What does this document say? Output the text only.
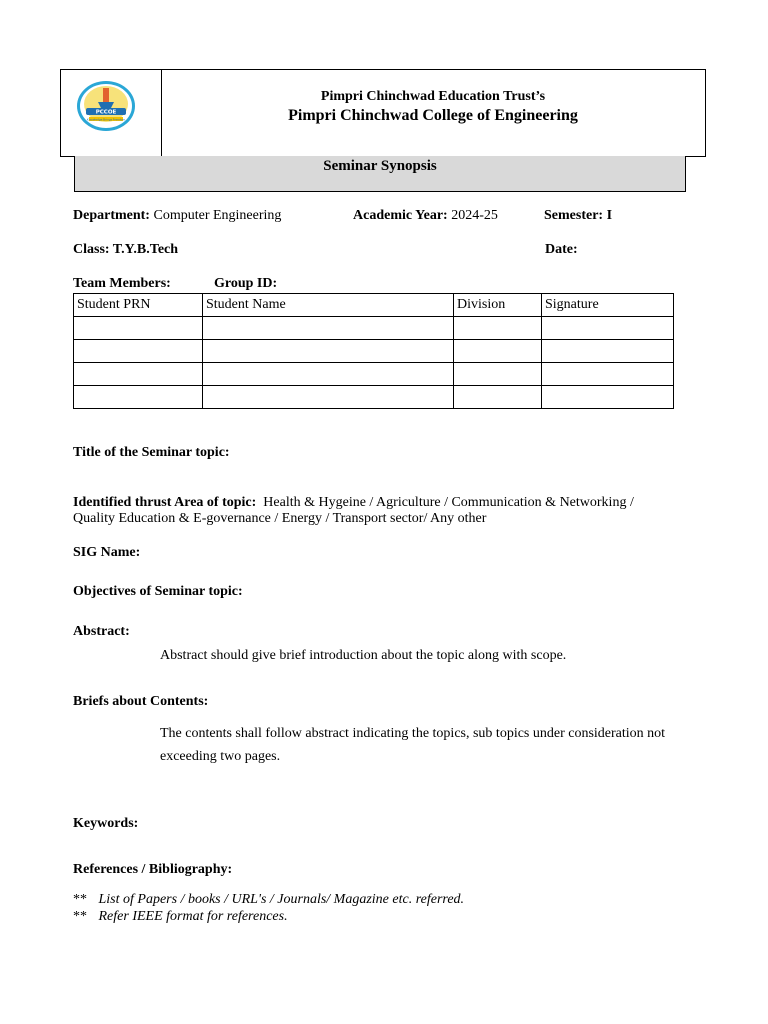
PCCOE
Knowledge Brings Freedom
Pimpri Chinchwad Education Trust’s
Pimpri Chinchwad College of Engineering
Seminar Synopsis
Department: Computer Engineering	Academic Year: 2024-25	Semester: I
Class: T.Y.B.Tech	Date:
Team Members:	Group ID:
Student PRN	Student Name	Division	Signature

Title of the Seminar topic:
Identified thrust Area of topic: Health & Hygeine / Agriculture / Communication & Networking /
Quality Education & E-governance / Energy / Transport sector/ Any other
SIG Name:
Objectives of Seminar topic:
Abstract:
Abstract should give brief introduction about the topic along with scope.
Briefs about Contents:
The contents shall follow abstract indicating the topics, sub topics under consideration not
exceeding two pages.
Keywords:
References / Bibliography:
** List of Papers / books / URL's / Journals/ Magazine etc. referred.
** Refer IEEE format for references.
